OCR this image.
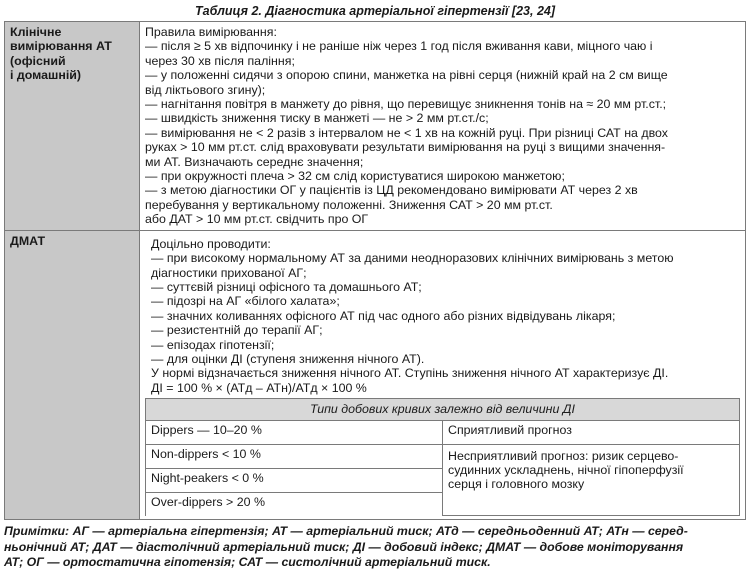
Таблиця 2. Діагностика артеріальної гіпертензії [23, 24]
Клінічне
вимірювання АТ
(офісний
і домашній)

Правила вимірювання:
— після ≥ 5 хв відпочинку і не раніше ніж через 1 год після вживання кави, міцного чаю і
через 30 хв після паління;
— у положенні сидячи з опорою спини, манжетка на рівні серця (нижній край на 2 см вище
від ліктьового згину);
— нагнітання повітря в манжету до рівня, що перевищує зникнення тонів на ≈ 20 мм рт.ст.;
— швидкість зниження тиску в манжеті — не > 2 мм рт.ст./с;
— вимірювання не < 2 разів з інтервалом не < 1 хв на кожній руці. При різниці САТ на двох
руках > 10 мм рт.ст. слід враховувати результати вимірювання на руці з вищими значення-
ми АТ. Визначають середнє значення;
— при окружності плеча > 32 см слід користуватися широкою манжетою;
— з метою діагностики ОГ у пацієнтів із ЦД рекомендовано вимірювати АТ через 2 хв
перебування у вертикальному положенні. Зниження САТ > 20 мм рт.ст.
або ДАТ > 10 мм рт.ст. свідчить про ОГ

ДМАТ	Доцільно проводити:
— при високому нормальному АТ за даними неодноразових клінічних вимірювань з метою
діагностики прихованої АГ;
— суттєвій різниці офісного та домашнього АТ;
— підозрі на АГ «білого халата»;
— значних коливаннях офісного АТ під час одного або різних відвідувань лікаря;
— резистентній до терапії АГ;
— епізодах гіпотензії;
— для оцінки ДІ (ступеня зниження нічного АТ).
У нормі відзначається зниження нічного АТ. Ступінь зниження нічного АТ характеризує ДІ.
ДІ = 100 % × (АТд – АТн)/АТд × 100 %
Типи добових кривих залежно від величини ДІ
Dippers — 10–20 %	Сприятливий прогноз
Non-dippers < 10 %	Несприятливий прогноз: ризик серцево-
судинних ускладнень, нічної гіпоперфузії
серця і головного мозку

Night-peakers < 0 %
Over-dippers > 20 %
Примітки: АГ — артеріальна гіпертензія; АТ — артеріальний тиск; АТд — середньоденний АТ; АТн — серед-
ньонічний АТ; ДАТ — діастолічний артеріальний тиск; ДІ — добовий індекс; ДМАТ — добове моніторування
АТ; ОГ — ортостатична гіпотензія; САТ — систолічний артеріальний тиск.
